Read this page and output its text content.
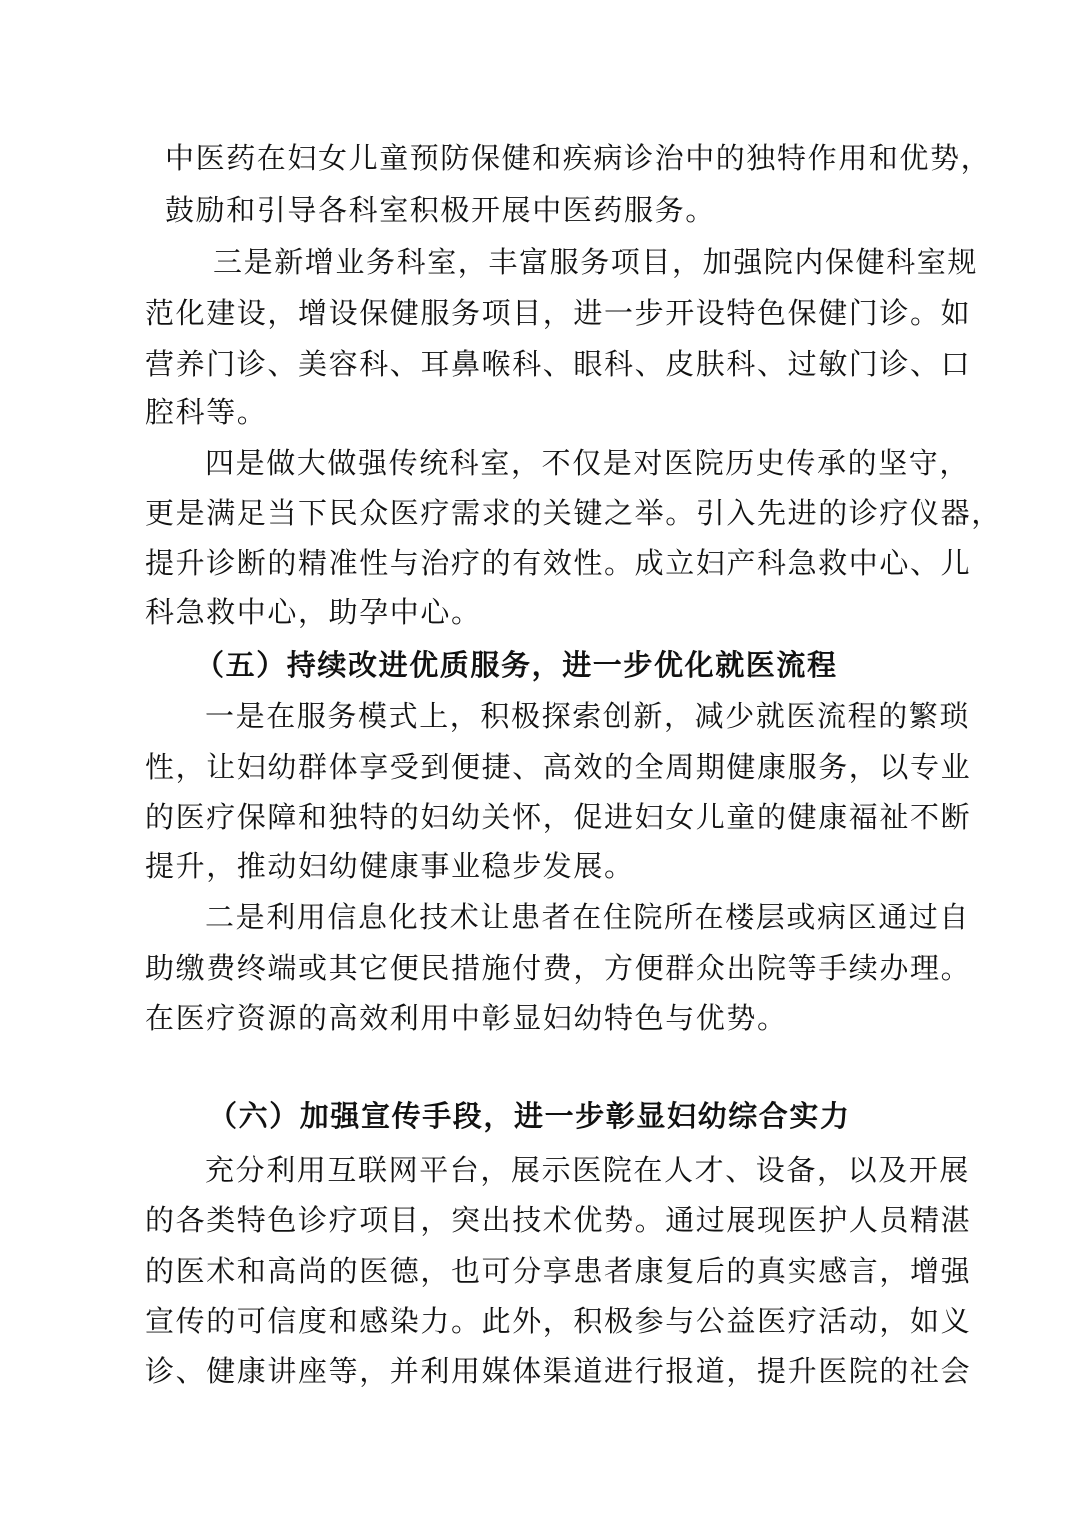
中医药在妇女儿童预防保健和疾病诊治中的独特作用和优势，
鼓励和引导各科室积极开展中医药服务。
三是新增业务科室，丰富服务项目，加强院内保健科室规
范化建设，增设保健服务项目，进一步开设特色保健门诊。如
营养门诊、美容科、耳鼻喉科、眼科、皮肤科、过敏门诊、口
腔科等。
四是做大做强传统科室，不仅是对医院历史传承的坚守，
更是满足当下民众医疗需求的关键之举。引入先进的诊疗仪器，
提升诊断的精准性与治疗的有效性。成立妇产科急救中心、儿
科急救中心，助孕中心。
（五）持续改进优质服务，进一步优化就医流程
一是在服务模式上，积极探索创新，减少就医流程的繁琐
性，让妇幼群体享受到便捷、高效的全周期健康服务，以专业
的医疗保障和独特的妇幼关怀，促进妇女儿童的健康福祉不断
提升，推动妇幼健康事业稳步发展。
二是利用信息化技术让患者在住院所在楼层或病区通过自
助缴费终端或其它便民措施付费，方便群众出院等手续办理。
在医疗资源的高效利用中彰显妇幼特色与优势。
（六）加强宣传手段，进一步彰显妇幼综合实力
充分利用互联网平台，展示医院在人才、设备，以及开展
的各类特色诊疗项目，突出技术优势。通过展现医护人员精湛
的医术和高尚的医德，也可分享患者康复后的真实感言，增强
宣传的可信度和感染力。此外，积极参与公益医疗活动，如义
诊、健康讲座等，并利用媒体渠道进行报道，提升医院的社会
